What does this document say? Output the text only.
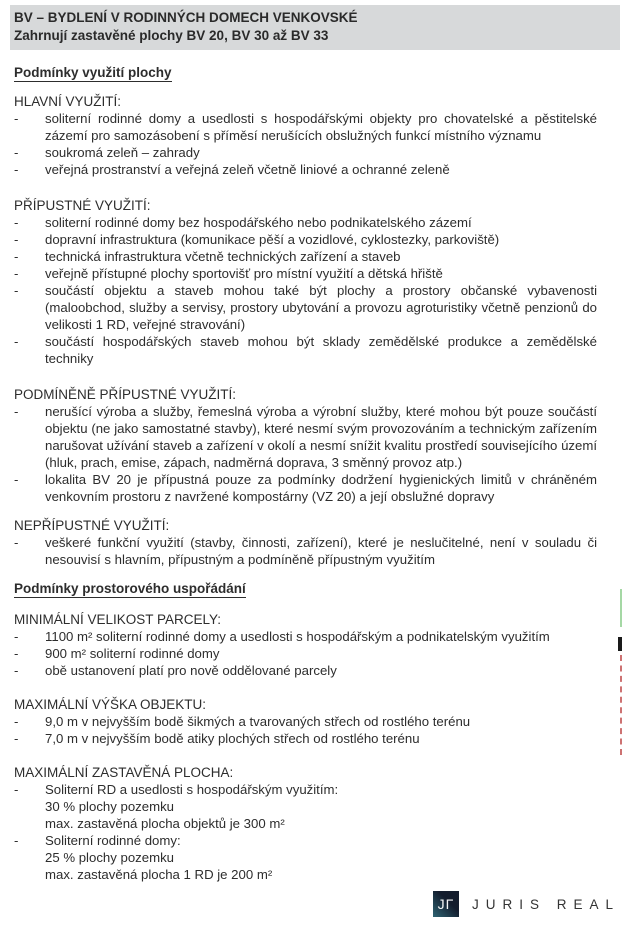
BV – BYDLENÍ V RODINNÝCH DOMECH VENKOVSKÉ
Zahrnují zastavěné plochy BV 20, BV 30 až BV 33
Podmínky využití plochy
HLAVNÍ VYUŽITÍ:
-	soliterní rodinné domy a usedlosti s hospodářskými objekty pro chovatelské a pěstitelské zázemí pro samozásobení s příměsí nerušících obslužných funkcí místního významu

-	soukromá zeleň – zahrady

-	veřejná prostranství a veřejná zeleň včetně liniové a ochranné zeleně

PŘÍPUSTNÉ VYUŽITÍ:
-	soliterní rodinné domy bez hospodářského nebo podnikatelského zázemí

-	dopravní infrastruktura (komunikace pěší a vozidlové, cyklostezky, parkoviště)

-	technická infrastruktura včetně technických zařízení a staveb

-	veřejně přístupné plochy sportovišť pro místní využití a dětská hřiště

-	součástí objektu a staveb mohou také být plochy a prostory občanské vybavenosti (maloobchod, služby a servisy, prostory ubytování a provozu agroturistiky včetně penzionů do velikosti 1 RD, veřejné stravování)

-	součástí hospodářských staveb mohou být sklady zemědělské produkce a zemědělské techniky

PODMÍNĚNĚ PŘÍPUSTNÉ VYUŽITÍ:
-	nerušící výroba a služby, řemeslná výroba a výrobní služby, které mohou být pouze součástí objektu (ne jako samostatné stavby), které nesmí svým provozováním a technickým zařízením narušovat užívání staveb a zařízení v okolí a nesmí snížit kvalitu prostředí souvisejícího území (hluk, prach, emise, zápach, nadměrná doprava, 3 směnný provoz atp.)

-	lokalita BV 20 je přípustná pouze za podmínky dodržení hygienických limitů v chráněném venkovním prostoru z navržené kompostárny (VZ 20) a její obslužné dopravy

NEPŘÍPUSTNÉ VYUŽITÍ:
-	veškeré funkční využití (stavby, činnosti, zařízení), které je neslučitelné, není v souladu či nesouvisí s hlavním, přípustným a podmíněně přípustným využitím

Podmínky prostorového uspořádání
MINIMÁLNÍ VELIKOST PARCELY:
-	1100 m² soliterní rodinné domy a usedlosti s hospodářským a podnikatelským využitím

-	900 m² soliterní rodinné domy

-	obě ustanovení platí pro nově oddělované parcely

MAXIMÁLNÍ VÝŠKA OBJEKTU:
-	9,0 m v nejvyšším bodě šikmých a tvarovaných střech od rostlého terénu

-	7,0 m v nejvyšším bodě atiky plochých střech od rostlého terénu

MAXIMÁLNÍ ZASTAVĚNÁ PLOCHA:
-	Soliterní RD a usedlosti s hospodářským využitím:

30 % plochy pozemku

max. zastavěná plocha objektů je 300 m²

-	Soliterní rodinné domy:

25 % plochy pozemku

max. zastavěná plocha 1 RD je 200 m²

J Γ JURIS REAL
